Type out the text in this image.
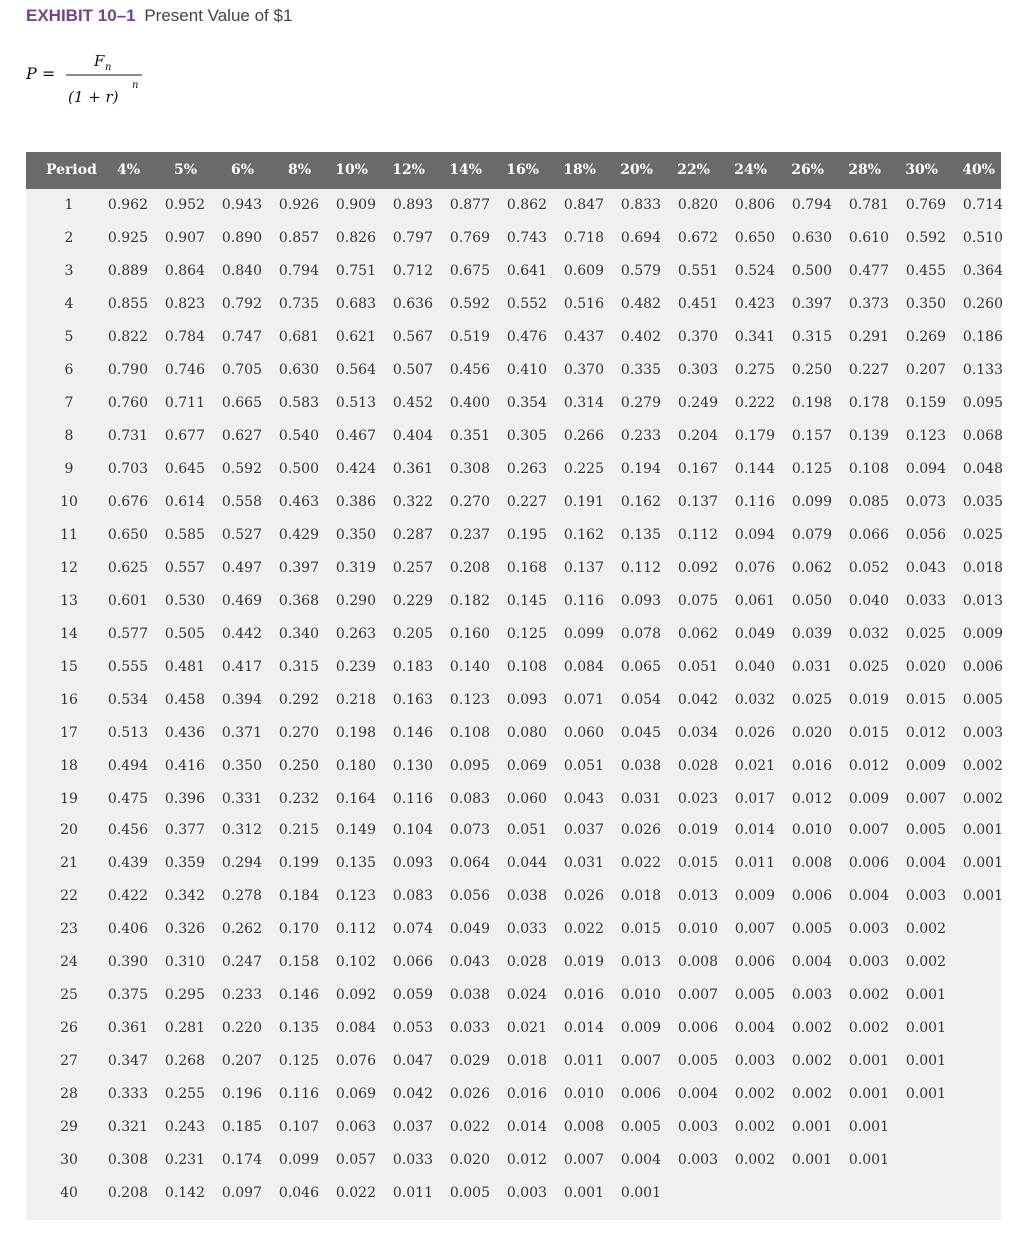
EXHIBIT 10–1 Present Value of $1
P =
F n
(1 + r)
n
Period	4%	5%	6%	8%	10%	12%	14%	16%	18%	20%	22%	24%	26%	28%	30%	40%
1	0.962 0.952 0.943 0.926 0.909 0.893 0.877 0.862 0.847 0.833 0.820 0.806 0.794 0.781 0.769 0.714
2	0.925 0.907 0.890 0.857 0.826 0.797 0.769 0.743 0.718 0.694 0.672 0.650 0.630 0.610 0.592 0.510
3	0.889 0.864 0.840 0.794 0.751 0.712 0.675 0.641 0.609 0.579 0.551 0.524 0.500 0.477 0.455 0.364
4	0.855 0.823 0.792 0.735 0.683 0.636 0.592 0.552 0.516 0.482 0.451 0.423 0.397 0.373 0.350 0.260
5	0.822 0.784 0.747 0.681 0.621 0.567 0.519 0.476 0.437 0.402 0.370 0.341 0.315 0.291 0.269 0.186
6	0.790 0.746 0.705 0.630 0.564 0.507 0.456 0.410 0.370 0.335 0.303 0.275 0.250 0.227 0.207 0.133
7	0.760 0.711 0.665 0.583 0.513 0.452 0.400 0.354 0.314 0.279 0.249 0.222 0.198 0.178 0.159 0.095
8	0.731 0.677 0.627 0.540 0.467 0.404 0.351 0.305 0.266 0.233 0.204 0.179 0.157 0.139 0.123 0.068
9	0.703 0.645 0.592 0.500 0.424 0.361 0.308 0.263 0.225 0.194 0.167 0.144 0.125 0.108 0.094 0.048
10 0.676 0.614 0.558 0.463 0.386 0.322 0.270 0.227 0.191 0.162 0.137 0.116 0.099 0.085 0.073 0.035
11 0.650 0.585 0.527 0.429 0.350 0.287 0.237 0.195 0.162 0.135 0.112 0.094 0.079 0.066 0.056 0.025
12 0.625 0.557 0.497 0.397 0.319 0.257 0.208 0.168 0.137 0.112 0.092 0.076 0.062 0.052 0.043 0.018
13 0.601 0.530 0.469 0.368 0.290 0.229 0.182 0.145 0.116 0.093 0.075 0.061 0.050 0.040 0.033 0.013
14 0.577 0.505 0.442 0.340 0.263 0.205 0.160 0.125 0.099 0.078 0.062 0.049 0.039 0.032 0.025 0.009
15 0.555 0.481 0.417 0.315 0.239 0.183 0.140 0.108 0.084 0.065 0.051 0.040 0.031 0.025 0.020 0.006
16 0.534 0.458 0.394 0.292 0.218 0.163 0.123 0.093 0.071 0.054 0.042 0.032 0.025 0.019 0.015 0.005
17 0.513 0.436 0.371 0.270 0.198 0.146 0.108 0.080 0.060 0.045 0.034 0.026 0.020 0.015 0.012 0.003
18 0.494 0.416 0.350 0.250 0.180 0.130 0.095 0.069 0.051 0.038 0.028 0.021 0.016 0.012 0.009 0.002
19 0.475 0.396 0.331 0.232 0.164 0.116 0.083 0.060 0.043 0.031 0.023 0.017 0.012 0.009 0.007 0.002
20 0.456 0.377 0.312 0.215 0.149 0.104 0.073 0.051 0.037 0.026 0.019 0.014 0.010 0.007 0.005 0.001
21 0.439 0.359 0.294 0.199 0.135 0.093 0.064 0.044 0.031 0.022 0.015 0.011 0.008 0.006 0.004 0.001
22 0.422 0.342 0.278 0.184 0.123 0.083 0.056 0.038 0.026 0.018 0.013 0.009 0.006 0.004 0.003 0.001
23 0.406 0.326 0.262 0.170 0.112 0.074 0.049 0.033 0.022 0.015 0.010 0.007 0.005 0.003 0.002
24 0.390 0.310 0.247 0.158 0.102 0.066 0.043 0.028 0.019 0.013 0.008 0.006 0.004 0.003 0.002
25 0.375 0.295 0.233 0.146 0.092 0.059 0.038 0.024 0.016 0.010 0.007 0.005 0.003 0.002 0.001
26 0.361 0.281 0.220 0.135 0.084 0.053 0.033 0.021 0.014 0.009 0.006 0.004 0.002 0.002 0.001
27 0.347 0.268 0.207 0.125 0.076 0.047 0.029 0.018 0.011 0.007 0.005 0.003 0.002 0.001 0.001
28 0.333 0.255 0.196 0.116 0.069 0.042 0.026 0.016 0.010 0.006 0.004 0.002 0.002 0.001 0.001
29 0.321 0.243 0.185 0.107 0.063 0.037 0.022 0.014 0.008 0.005 0.003 0.002 0.001 0.001
30 0.308 0.231 0.174 0.099 0.057 0.033 0.020 0.012 0.007 0.004 0.003 0.002 0.001 0.001
40 0.208 0.142 0.097 0.046 0.022 0.011 0.005 0.003 0.001 0.001
